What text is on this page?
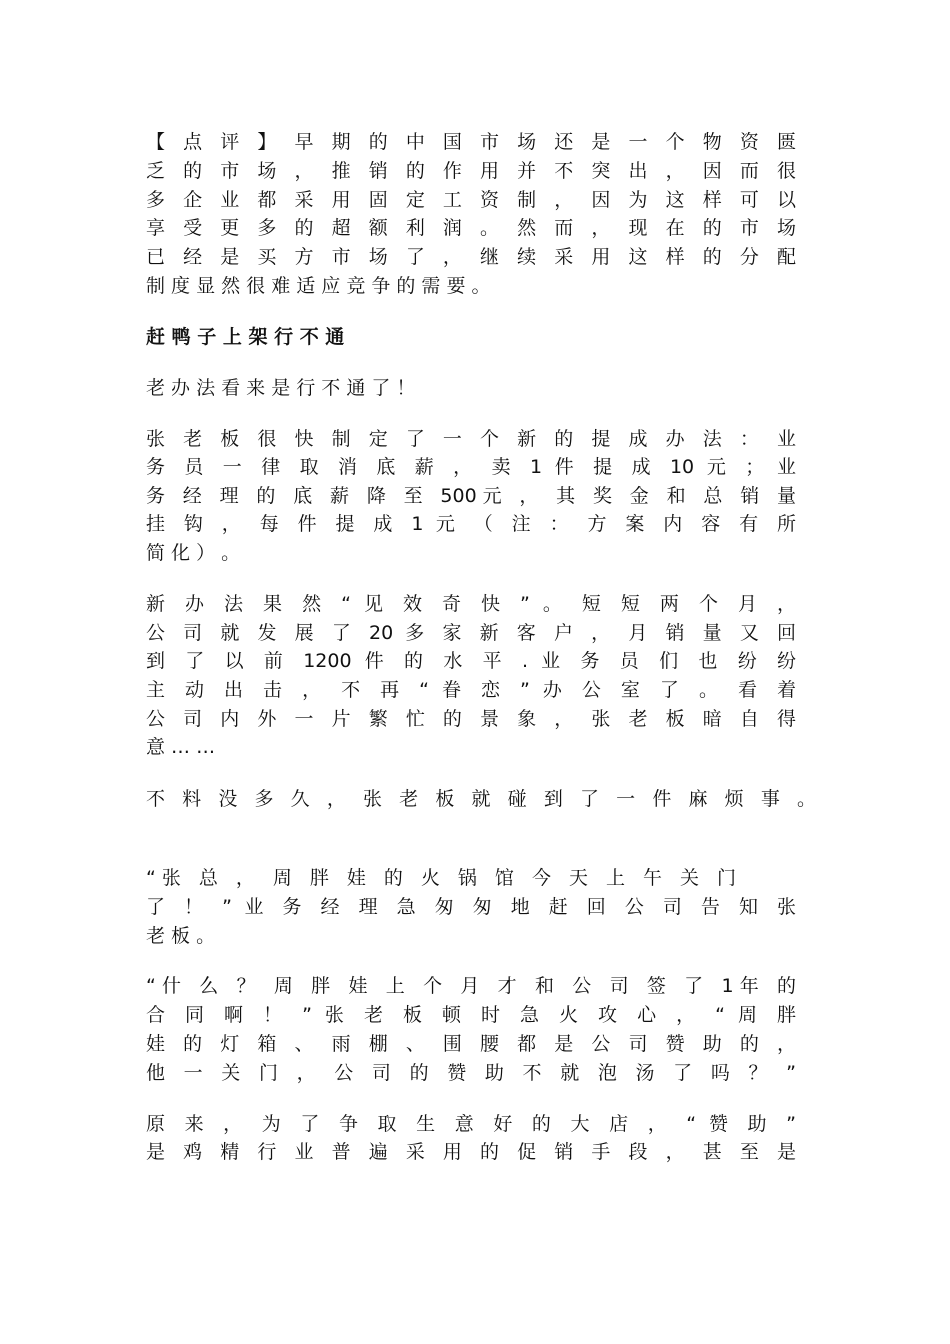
【 点 评 】 早 期 的 中 国 市 场 还 是 一 个 物 资 匮
乏 的 市 场 ， 推 销 的 作 用 并 不 突 出 ， 因 而 很
多 企 业 都 采 用 固 定 工 资 制 ， 因 为 这 样 可 以
享 受 更 多 的 超 额 利 润 。 然 而 ， 现 在 的 市 场
已 经 是 买 方 市 场 了 ， 继 续 采 用 这 样 的 分 配
制 度 显 然 很 难 适 应 竞 争 的 需 要 。
赶 鸭 子 上 架 行 不 通
老 办 法 看 来 是 行 不 通 了 ！
张 老 板 很 快 制 定 了 一 个 新 的 提 成 办 法 ： 业
务 员 一 律 取 消 底 薪 ， 卖 1 件 提 成 10 元 ； 业
务 经 理 的 底 薪 降 至 500元 ， 其 奖 金 和 总 销 量
挂 钩 ， 每 件 提 成 1 元 （ 注 ： 方 案 内 容 有 所
简 化 ） 。
新 办 法 果 然 “ 见 效 奇 快 ” 。 短 短 两 个 月 ，
公 司 就 发 展 了 20 多 家 新 客 户 ， 月 销 量 又 回
到 了 以 前 1200 件 的 水 平 . 业 务 员 们 也 纷 纷
主 动 出 击 ， 不 再 “ 眷 恋 ” 办 公 室 了 。 看 着
公 司 内 外 一 片 繁 忙 的 景 象 ， 张 老 板 暗 自 得
意 … …
不 料 没 多 久 ， 张 老 板 就 碰 到 了 一 件 麻 烦 事 。
“张 总 ， 周 胖 娃 的 火 锅 馆 今 天 上 午 关 门
了 ！ ” 业 务 经 理 急 匆 匆 地 赶 回 公 司 告 知 张
老 板 。
“什 么 ？ 周 胖 娃 上 个 月 才 和 公 司 签 了 1年 的
合 同 啊 ！ ” 张 老 板 顿 时 急 火 攻 心 ， “ 周 胖
娃 的 灯 箱 、 雨 棚 、 围 腰 都 是 公 司 赞 助 的 ，
他 一 关 门 ， 公 司 的 赞 助 不 就 泡 汤 了 吗 ？ ”
原 来 ， 为 了 争 取 生 意 好 的 大 店 ， “ 赞 助 ”
是 鸡 精 行 业 普 遍 采 用 的 促 销 手 段 ， 甚 至 是
